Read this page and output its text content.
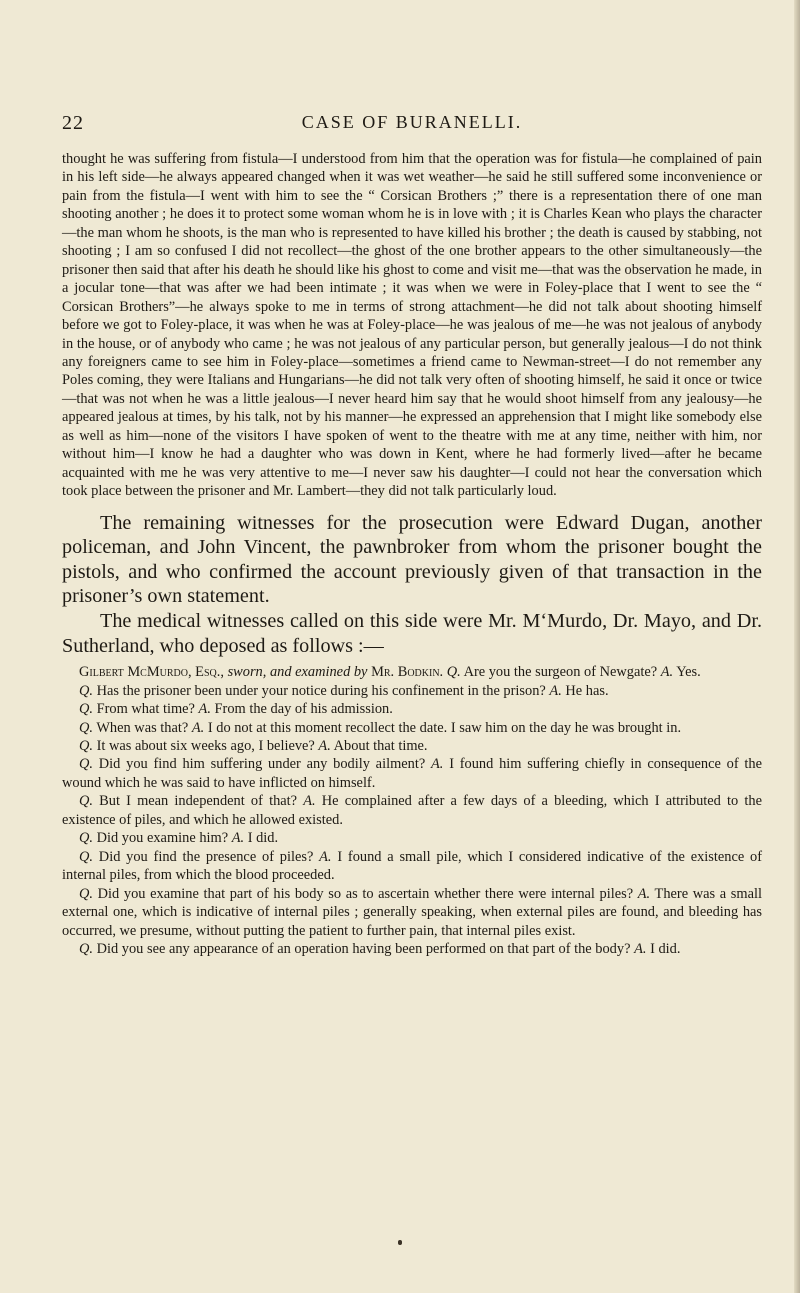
22	CASE OF BURANELLI.

thought he was suffering from fistula—I understood from him that the operation was for fistula—he complained of pain in his left side—he always appeared changed when it was wet weather—he said he still suffered some inconvenience or pain from the fistula—I went with him to see the “ Corsican Brothers ;” there is a representation there of one man shooting another ; he does it to protect some woman whom he is in love with ; it is Charles Kean who plays the character—the man whom he shoots, is the man who is represented to have killed his brother ; the death is caused by stabbing, not shooting ; I am so confused I did not recollect—the ghost of the one brother appears to the other simultaneously—the prisoner then said that after his death he should like his ghost to come and visit me—that was the observation he made, in a jocular tone—that was after we had been intimate ; it was when we were in Foley-place that I went to see the “ Corsican Brothers”—he always spoke to me in terms of strong attachment—he did not talk about shooting himself before we got to Foley-place, it was when he was at Foley-place—he was jealous of me—he was not jealous of anybody in the house, or of anybody who came ; he was not jealous of any particular person, but generally jealous—I do not think any foreigners came to see him in Foley-place—sometimes a friend came to Newman-street—I do not remember any Poles coming, they were Italians and Hungarians—he did not talk very often of shooting himself, he said it once or twice—that was not when he was a little jealous—I never heard him say that he would shoot himself from any jealousy—he appeared jealous at times, by his talk, not by his manner—he expressed an apprehension that I might like somebody else as well as him—none of the visitors I have spoken of went to the theatre with me at any time, neither with him, nor without him—I know he had a daughter who was down in Kent, where he had formerly lived—after he became acquainted with me he was very attentive to me—I never saw his daughter—I could not hear the conversation which took place between the prisoner and Mr. Lambert—they did not talk particularly loud.

The remaining witnesses for the prosecution were Edward Dugan, another policeman, and John Vincent, the pawnbroker from whom the prisoner bought the pistols, and who confirmed the account previously given of that transaction in the prisoner’s own statement.

The medical witnesses called on this side were Mr. M‘Murdo, Dr. Mayo, and Dr. Sutherland, who deposed as follows :—

Gilbert McMurdo, Esq., sworn, and examined by Mr. Bodkin. Q. Are you the surgeon of Newgate? A. Yes.

Q. Has the prisoner been under your notice during his confinement in the prison? A. He has.

Q. From what time? A. From the day of his admission.

Q. When was that? A. I do not at this moment recollect the date. I saw him on the day he was brought in.

Q. It was about six weeks ago, I believe? A. About that time.

Q. Did you find him suffering under any bodily ailment? A. I found him suffering chiefly in consequence of the wound which he was said to have inflicted on himself.

Q. But I mean independent of that? A. He complained after a few days of a bleeding, which I attributed to the existence of piles, and which he allowed existed.

Q. Did you examine him? A. I did.

Q. Did you find the presence of piles? A. I found a small pile, which I considered indicative of the existence of internal piles, from which the blood proceeded.

Q. Did you examine that part of his body so as to ascertain whether there were internal piles? A. There was a small external one, which is indicative of internal piles ; generally speaking, when external piles are found, and bleeding has occurred, we presume, without putting the patient to further pain, that internal piles exist.

Q. Did you see any appearance of an operation having been performed on that part of the body? A. I did.
